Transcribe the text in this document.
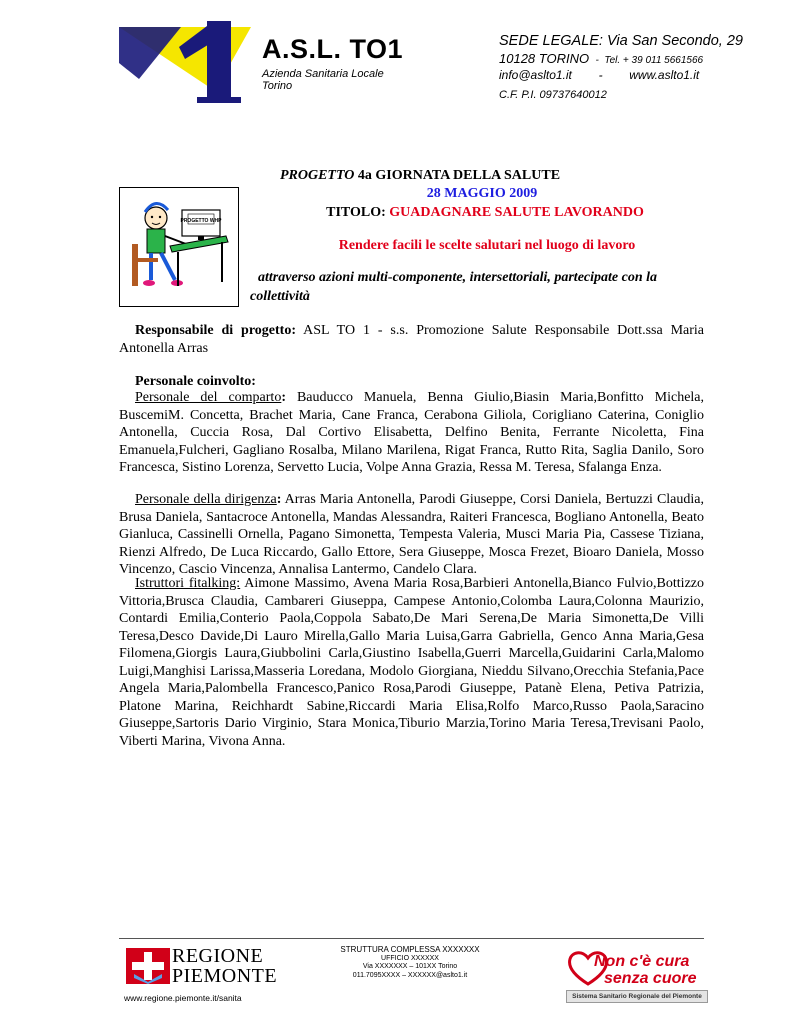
A.S.L. TO1
Azienda Sanitaria Locale
Torino
SEDE LEGALE: Via San Secondo, 29
10128 TORINO - Tel. + 39 011 5661566
info@aslto1.it - www.aslto1.it
C.F. P.I. 09737640012
PROGETTO WHP
PROGETTO 4a GIORNATA DELLA SALUTE
28 MAGGIO 2009
TITOLO: GUADAGNARE SALUTE LAVORANDO
Rendere facili le scelte salutari nel luogo di lavoro
attraverso azioni multi-componente, intersettoriali, partecipate con la collettività
Responsabile di progetto: ASL TO 1 - s.s. Promozione Salute Responsabile Dott.ssa Maria Antonella Arras
Personale coinvolto:
Personale del comparto: Bauducco Manuela, Benna Giulio,Biasin Maria,Bonfitto Michela, BuscemiM. Concetta, Brachet Maria, Cane Franca, Cerabona Giliola, Corigliano Caterina, Coniglio Antonella, Cuccia Rosa, Dal Cortivo Elisabetta, Delfino Benita, Ferrante Nicoletta, Fina Emanuela,Fulcheri, Gagliano Rosalba, Milano Marilena, Rigat Franca, Rutto Rita, Saglia Danilo, Soro Francesca, Sistino Lorenza, Servetto Lucia, Volpe Anna Grazia, Ressa M. Teresa, Sfalanga Enza.
Personale della dirigenza: Arras Maria Antonella, Parodi Giuseppe, Corsi Daniela, Bertuzzi Claudia, Brusa Daniela, Santacroce Antonella, Mandas Alessandra, Raiteri Francesca, Bogliano Antonella, Beato Gianluca, Cassinelli Ornella, Pagano Simonetta, Tempesta Valeria, Musci Maria Pia, Cassese Tiziana, Rienzi Alfredo, De Luca Riccardo, Gallo Ettore, Sera Giuseppe, Mosca Frezet, Bioaro Daniela, Mosso Vincenzo, Cascio Vincenza, Annalisa Lantermo, Candelo Clara.
Istruttori fitalking: Aimone Massimo, Avena Maria Rosa,Barbieri Antonella,Bianco Fulvio,Bottizzo Vittoria,Brusca Claudia, Cambareri Giuseppa, Campese Antonio,Colomba Laura,Colonna Maurizio, Contardi Emilia,Conterio Paola,Coppola Sabato,De Mari Serena,De Maria Simonetta,De Villi Teresa,Desco Davide,Di Lauro Mirella,Gallo Maria Luisa,Garra Gabriella, Genco Anna Maria,Gesa Filomena,Giorgis Laura,Giubbolini Carla,Giustino Isabella,Guerri Marcella,Guidarini Carla,Malomo Luigi,Manghisi Larissa,Masseria Loredana, Modolo Giorgiana, Nieddu Silvano,Orecchia Stefania,Pace Angela Maria,Palombella Francesco,Panico Rosa,Parodi Giuseppe, Patanè Elena, Petiva Patrizia, Platone Marina, Reichhardt Sabine,Riccardi Maria Elisa,Rolfo Marco,Russo Paola,Saracino Giuseppe,Sartoris Dario Virginio, Stara Monica,Tiburio Marzia,Torino Maria Teresa,Trevisani Paolo, Viberti Marina, Vivona Anna.
REGIONE
PIEMONTE
www.regione.piemonte.it/sanita
STRUTTURA COMPLESSA XXXXXXX
UFFICIO XXXXXX
Via XXXXXXX – 101XX Torino
011.7095XXXX – XXXXXX@aslto1.it
Non c'è cura
senza cuore
Sistema Sanitario Regionale del Piemonte
